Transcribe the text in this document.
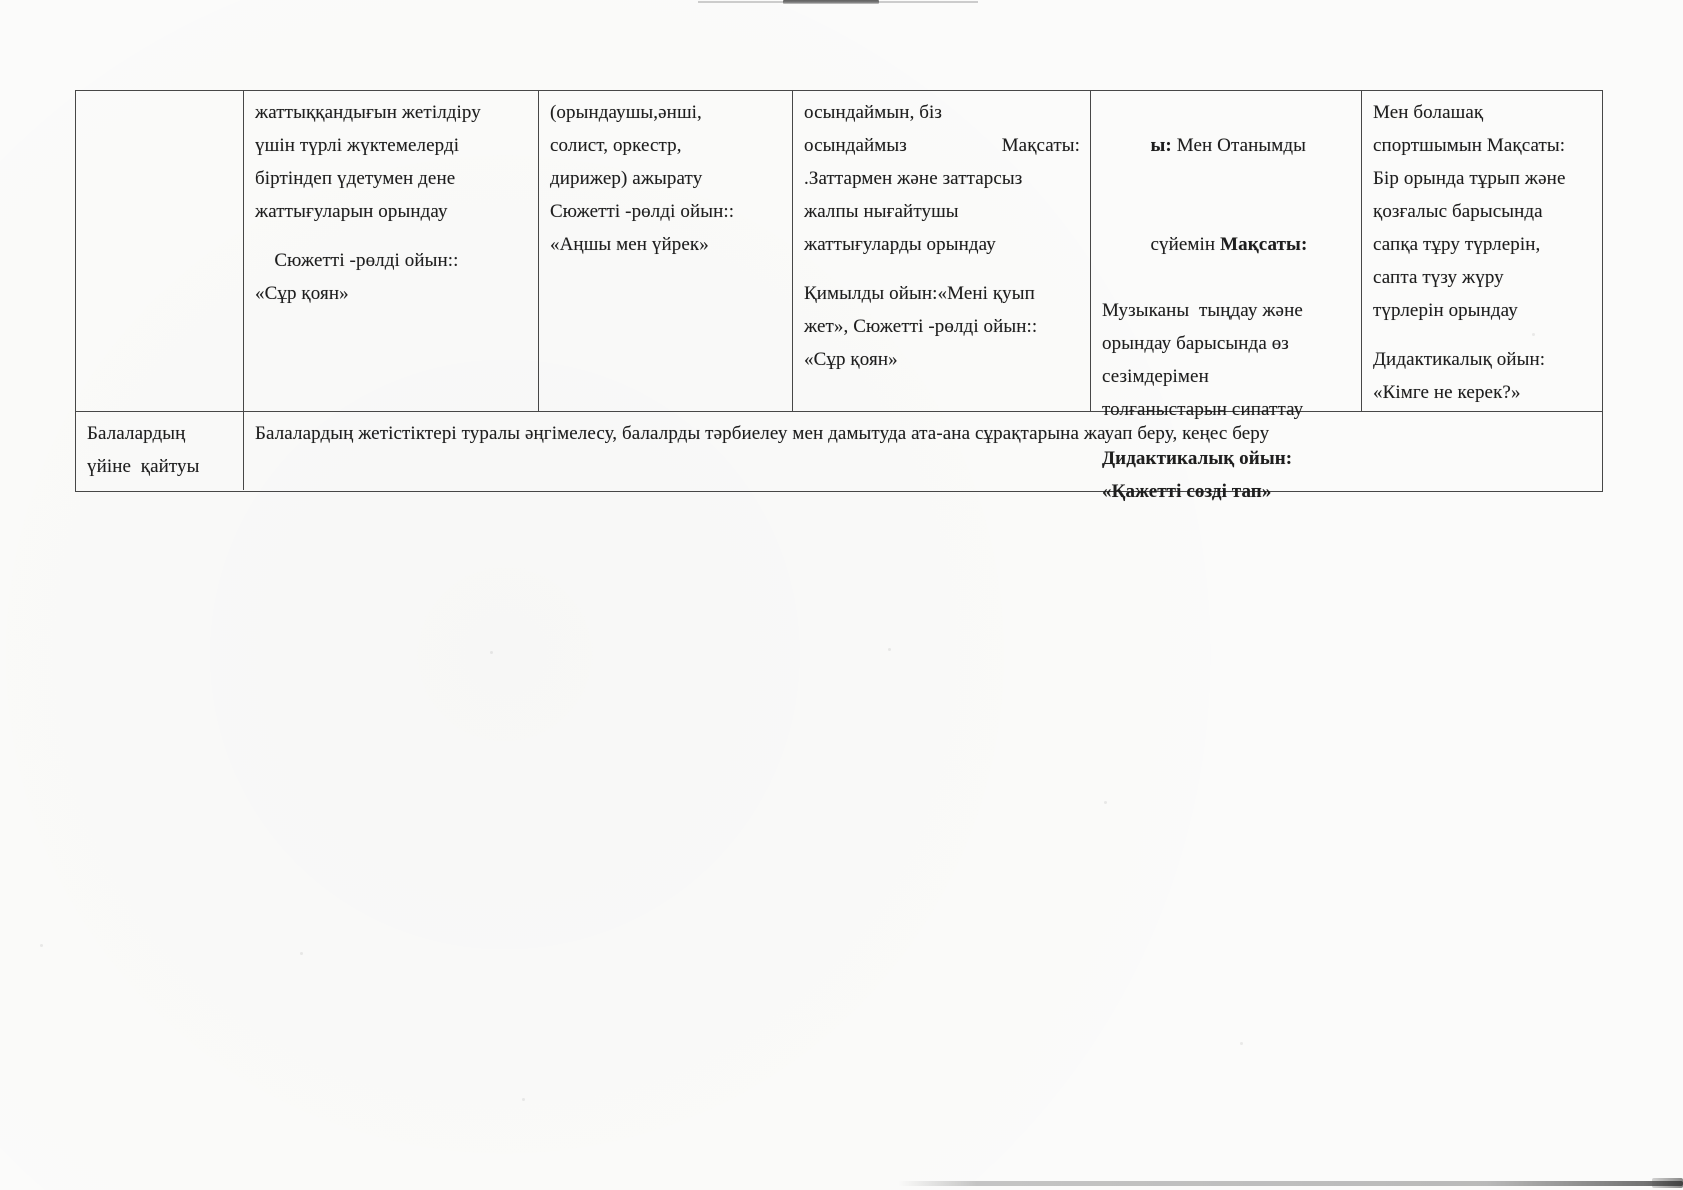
жаттыққандығын жетілдіру
үшін түрлі жүктемелерді
біртіндеп үдетумен дене
жаттығуларын орындау
Сюжетті -рөлді ойын::
«Сұр қоян»
(орындаушы,әнші,
солист, оркестр,
дирижер) ажырату
Сюжетті -рөлді ойын::
«Аңшы мен үйрек»
осындаймын, біз
осындаймыз	Мақсаты:
.Заттармен және заттарсыз
жалпы нығайтушы
жаттығуларды орындау
Қимылды ойын:«Мені қуып
жет», Сюжетті -рөлді ойын::
«Сұр қоян»

ы: Мен Отанымды

сүйемін Мақсаты:

Музыканы  тыңдау және
орындау барысында өз
сезімдерімен
толғаныстарын сипаттау
Дидактикалық ойын:
«Қажетті сөзді тап»
Мен болашақ
спортшымын Мақсаты:
Бір орында тұрып және
қозғалыс барысында
сапқа тұру түрлерін,
сапта түзу жүру
түрлерін орындау
Дидактикалық ойын:
«Кімге не керек?»
Балалардың
үйіне  қайтуы
Балалардың жетістіктері туралы әңгімелесу, балалрды тәрбиелеу мен дамытуда ата-ана сұрақтарына жауап беру, кеңес беру
